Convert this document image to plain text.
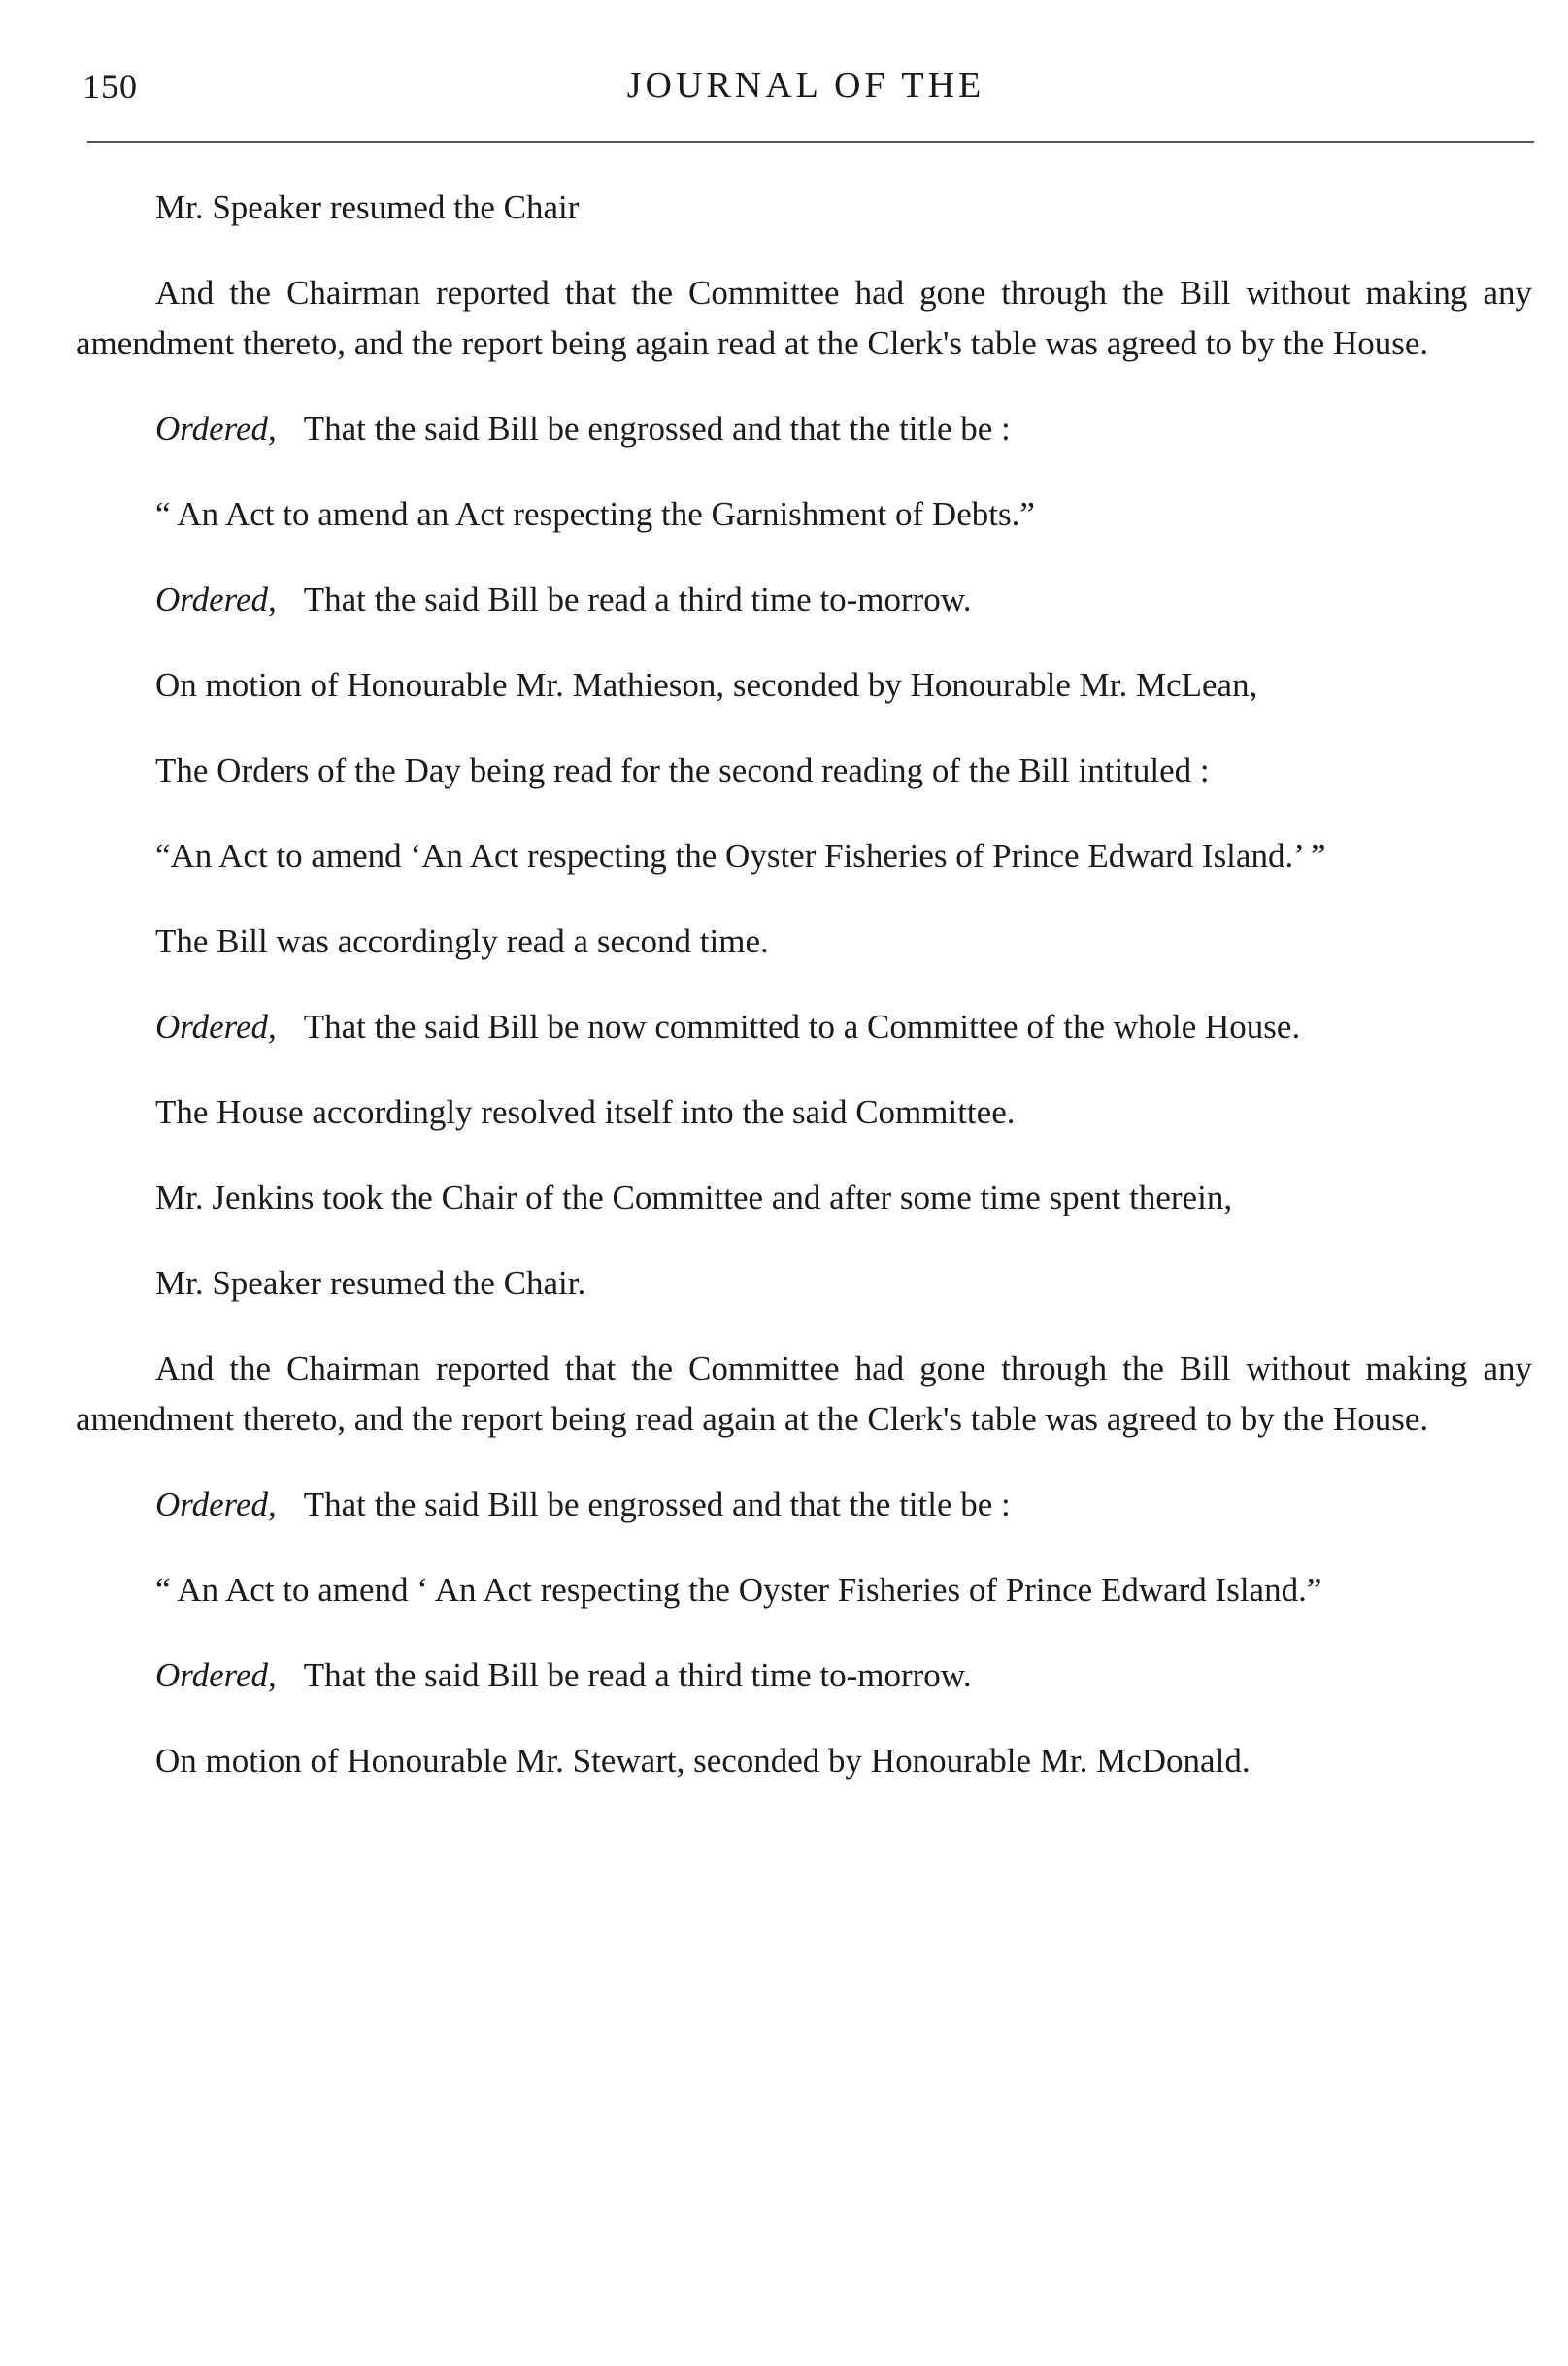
150	JOURNAL OF THE

Mr. Speaker resumed the Chair

And the Chairman reported that the Committee had gone through the Bill without making any amendment thereto, and the report being again read at the Clerk's table was agreed to by the House.

Ordered, That the said Bill be engrossed and that the title be :

“ An Act to amend an Act respecting the Garnishment of Debts.”

Ordered, That the said Bill be read a third time to-morrow.

On motion of Honourable Mr. Mathieson, seconded by Honourable Mr. McLean,

The Orders of the Day being read for the second reading of the Bill intituled :

“An Act to amend ‘An Act respecting the Oyster Fisheries of Prince Edward Island.’ ”

The Bill was accordingly read a second time.

Ordered, That the said Bill be now committed to a Committee of the whole House.

The House accordingly resolved itself into the said Committee.

Mr. Jenkins took the Chair of the Committee and after some time spent therein,

Mr. Speaker resumed the Chair.

And the Chairman reported that the Committee had gone through the Bill without making any amendment thereto, and the report being read again at the Clerk's table was agreed to by the House.

Ordered, That the said Bill be engrossed and that the title be :

“ An Act to amend ‘ An Act respecting the Oyster Fisheries of Prince Edward Island.”

Ordered, That the said Bill be read a third time to-morrow.

On motion of Honourable Mr. Stewart, seconded by Honourable Mr. McDonald.
